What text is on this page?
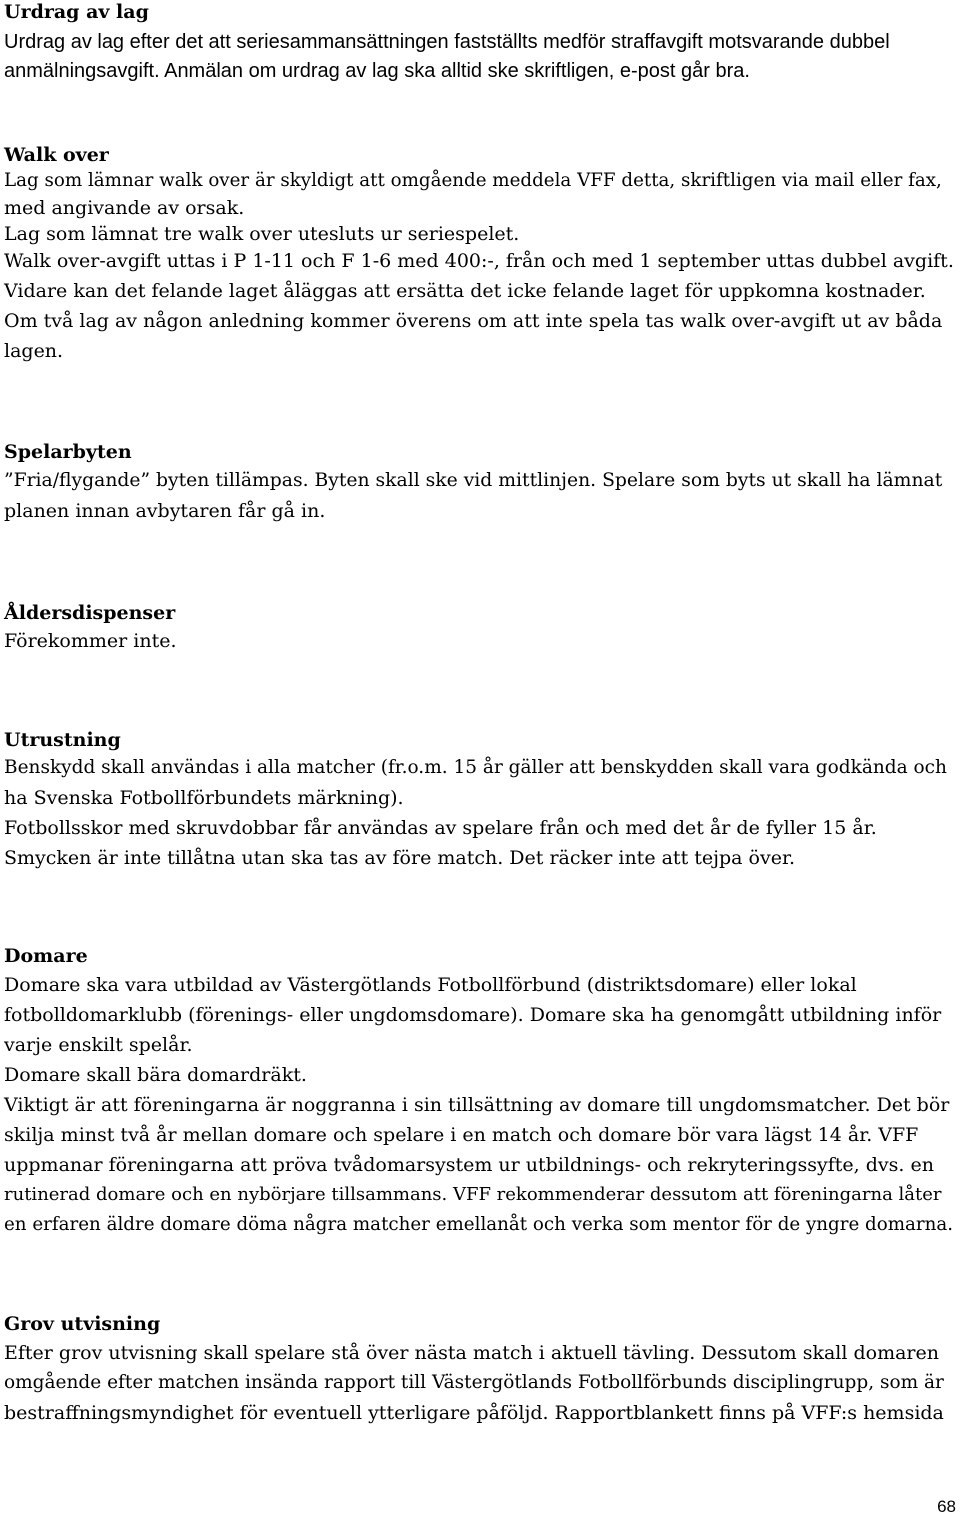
Urdrag av lag
Urdrag av lag efter det att seriesammansättningen fastställts medför straffavgift motsvarande dubbel
anmälningsavgift. Anmälan om urdrag av lag ska alltid ske skriftligen, e-post går bra.
Walk over
Lag som lämnar walk over är skyldigt att omgående meddela VFF detta, skriftligen via mail eller fax,
med angivande av orsak.
Lag som lämnat tre walk over utesluts ur seriespelet.
Walk over-avgift uttas i P 1-11 och F 1-6 med 400:-, från och med 1 september uttas dubbel avgift.
Vidare kan det felande laget åläggas att ersätta det icke felande laget för uppkomna kostnader.
Om två lag av någon anledning kommer överens om att inte spela tas walk over-avgift ut av båda
lagen.
Spelarbyten
”Fria/flygande” byten tillämpas. Byten skall ske vid mittlinjen. Spelare som byts ut skall ha lämnat
planen innan avbytaren får gå in.
Åldersdispenser
Förekommer inte.
Utrustning
Benskydd skall användas i alla matcher (fr.o.m. 15 år gäller att benskydden skall vara godkända och
ha Svenska Fotbollförbundets märkning).
Fotbollsskor med skruvdobbar får användas av spelare från och med det år de fyller 15 år.
Smycken är inte tillåtna utan ska tas av före match. Det räcker inte att tejpa över.
Domare
Domare ska vara utbildad av Västergötlands Fotbollförbund (distriktsdomare) eller lokal
fotbolldomarklubb (förenings- eller ungdomsdomare). Domare ska ha genomgått utbildning inför
varje enskilt spelår.
Domare skall bära domardräkt.
Viktigt är att föreningarna är noggranna i sin tillsättning av domare till ungdomsmatcher. Det bör
skilja minst två år mellan domare och spelare i en match och domare bör vara lägst 14 år. VFF
uppmanar föreningarna att pröva tvådomarsystem ur utbildnings- och rekryteringssyfte, dvs. en
rutinerad domare och en nybörjare tillsammans. VFF rekommenderar dessutom att föreningarna låter
en erfaren äldre domare döma några matcher emellanåt och verka som mentor för de yngre domarna.
Grov utvisning
Efter grov utvisning skall spelare stå över nästa match i aktuell tävling. Dessutom skall domaren
omgående efter matchen insända rapport till Västergötlands Fotbollförbunds disciplingrupp, som är
bestraffningsmyndighet för eventuell ytterligare påföljd. Rapportblankett finns på VFF:s hemsida
68
